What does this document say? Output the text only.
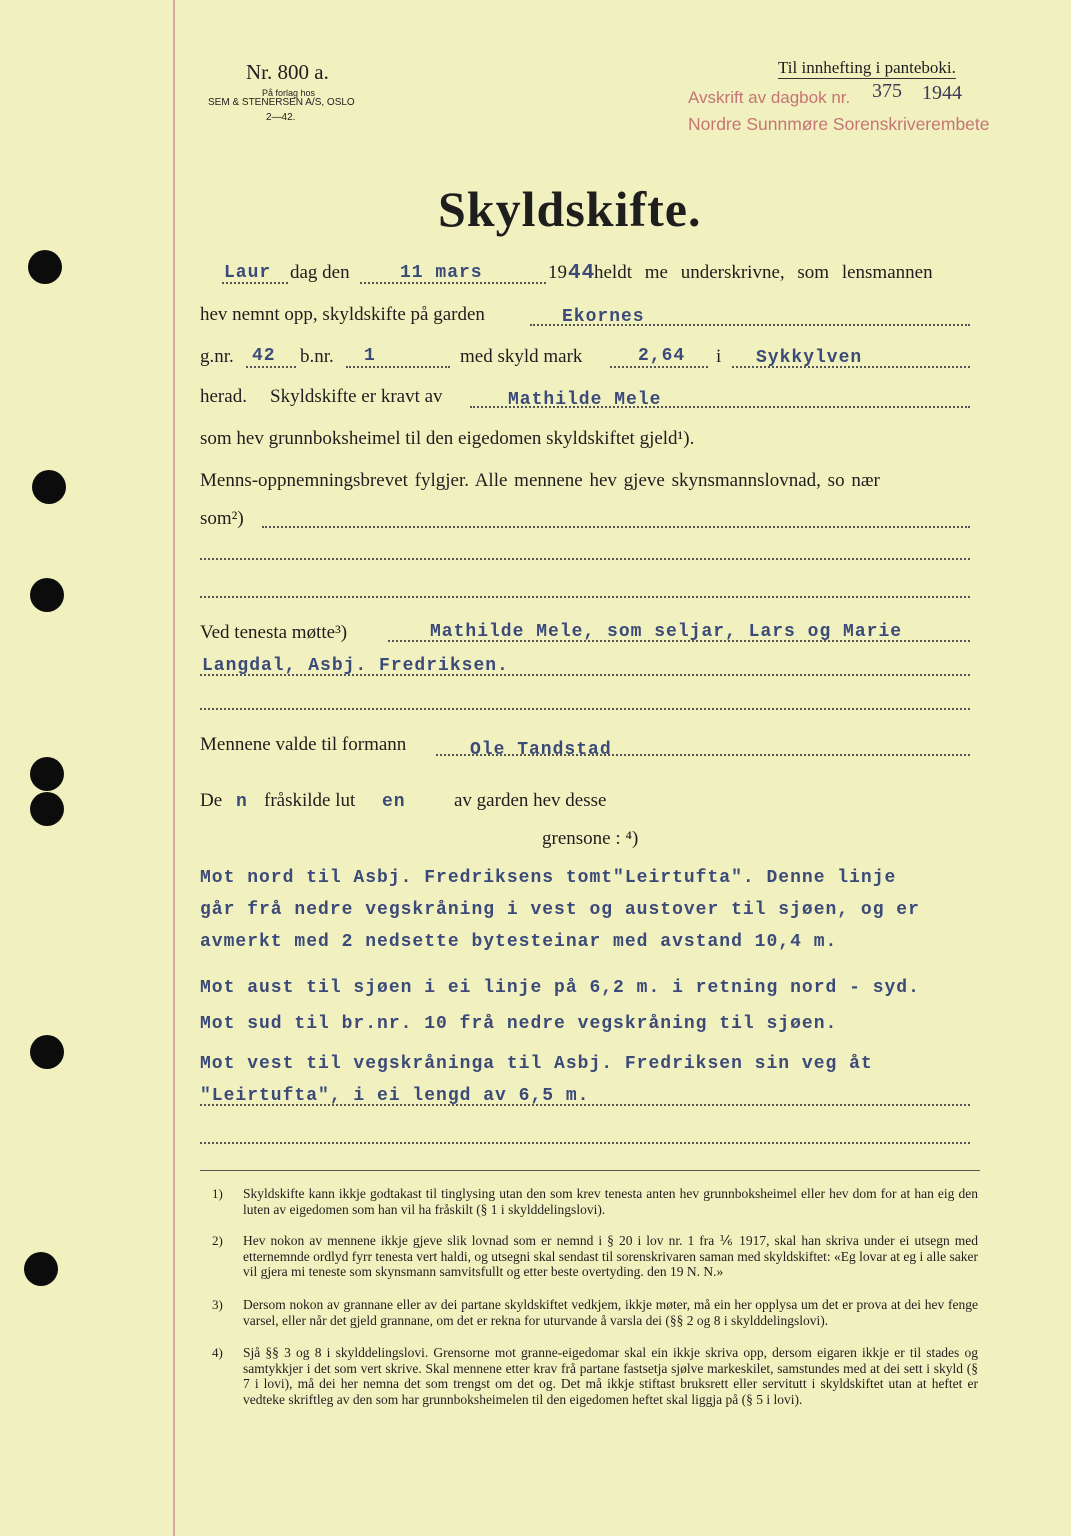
Nr. 800 a.
På forlag hos
SEM & STENERSEN A/S, OSLO
2—42.
Til innhefting i panteboki.
Avskrift av dagbok nr. 375 1944
Nordre Sunnmøre Sorenskriverembete
Skyldskifte.
Laur dag den	11 mars	19 44
heldt me underskrivne, som lensmannen
hev nemnt opp, skyldskifte på garden	Ekornes
g.nr. 42 b.nr. 1	med skyld mark	2,64 i Sykkylven
herad. Skyldskifte er kravt av	Mathilde Mele
som hev grunnboksheimel til den eigedomen skyldskiftet gjeld¹).
Menns-oppnemningsbrevet fylgjer. Alle mennene hev gjeve skynsmannslovnad, so nær
som²)
Ved tenesta møtte³)	Mathilde Mele, som seljar, Lars og Marie
Langdal, Asbj. Fredriksen.
Mennene valde til formann	Ole Tandstad
De n fråskilde lut en	av garden hev desse
grensone : ⁴)
Mot nord til Asbj. Fredriksens tomt"Leirtufta". Denne linje
går frå nedre vegskråning i vest og austover til sjøen, og er
avmerkt med 2 nedsette bytesteinar med avstand 10,4 m.
Mot aust til sjøen i ei linje på 6,2 m. i retning nord - syd.
Mot sud til br.nr. 10 frå nedre vegskråning til sjøen.
Mot vest til vegskråninga til Asbj. Fredriksen sin veg åt
"Leirtufta", i ei lengd av 6,5 m.
1) Skyldskifte kann ikkje godtakast til tinglysing utan den som krev tenesta anten hev grunnboksheimel eller hev dom for at han eig den luten av eigedomen som han vil ha fråskilt (§ 1 i skylddelingslovi).
2) Hev nokon av mennene ikkje gjeve slik lovnad som er nemnd i § 20 i lov nr. 1 fra ⅙ 1917, skal han skriva under ei utsegn med etternemnde ordlyd fyrr tenesta vert haldi, og utsegni skal sendast til sorenskrivaren saman med skyldskiftet: «Eg lovar at eg i alle saker vil gjera mi teneste som skynsmann samvitsfullt og etter beste overtyding. den 19 N. N.»
3) Dersom nokon av grannane eller av dei partane skyldskiftet vedkjem, ikkje møter, må ein her opplysa um det er prova at dei hev fenge varsel, eller når det gjeld grannane, om det er rekna for uturvande å varsla dei (§§ 2 og 8 i skylddelingslovi).
4) Sjå §§ 3 og 8 i skylddelingslovi. Grensorne mot granne-eigedomar skal ein ikkje skriva opp, dersom eigaren ikkje er til stades og samtykkjer i det som vert skrive. Skal mennene etter krav frå partane fastsetja sjølve markeskilet, samstundes med at dei sett i skyld (§ 7 i lovi), må dei her nemna det som trengst om det og. Det må ikkje stiftast bruksrett eller servitutt i skyldskiftet utan at heftet er vedteke skriftleg av den som har grunnboksheimelen til den eigedomen heftet skal liggja på (§ 5 i lovi).
